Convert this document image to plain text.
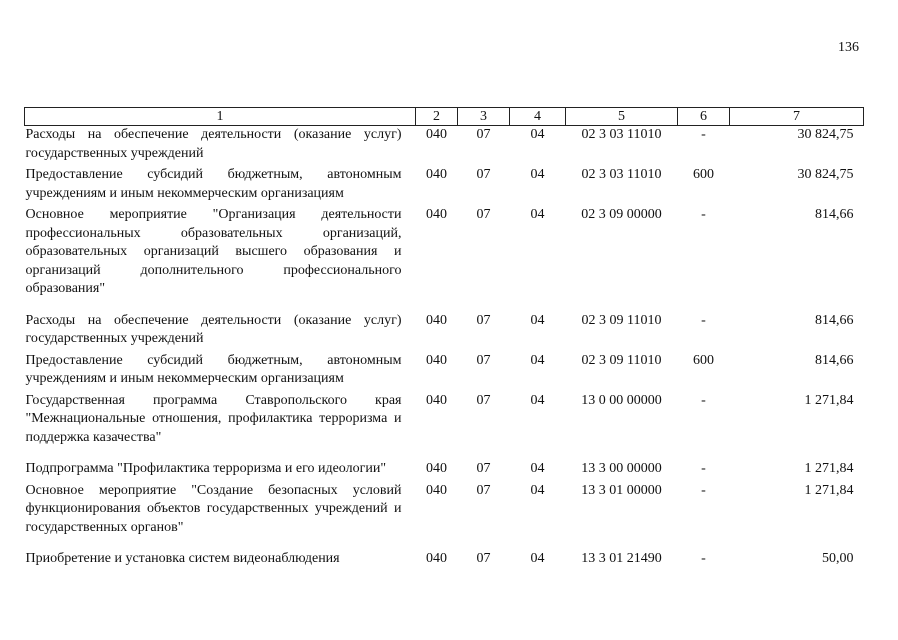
136
1	2	3	4	5	6	7
Расходы на обеспечение деятельности (оказание услуг) государственных учреждений	040	07	04	02 3 03 11010	-	30 824,75
Предоставление субсидий бюджетным, автономным учреждениям и иным некоммерческим организациям	040	07	04	02 3 03 11010	600	30 824,75
Основное мероприятие "Организация деятельности профессиональных образовательных организаций, образовательных организаций высшего образования и организаций дополнительного профессионального образования"	040	07	04	02 3 09 00000	-	814,66
Расходы на обеспечение деятельности (оказание услуг) государственных учреждений	040	07	04	02 3 09 11010	-	814,66
Предоставление субсидий бюджетным, автономным учреждениям и иным некоммерческим организациям	040	07	04	02 3 09 11010	600	814,66
Государственная программа Ставропольского края "Межнациональные отношения, профилактика терроризма и поддержка казачества"	040	07	04	13 0 00 00000	-	1 271,84
Подпрограмма "Профилактика терроризма и его идеологии"	040	07	04	13 3 00 00000	-	1 271,84
Основное мероприятие "Создание безопасных условий функционирования объектов государственных учреждений и государственных органов"	040	07	04	13 3 01 00000	-	1 271,84
Приобретение и установка систем видеонаблюдения	040	07	04	13 3 01 21490	-	50,00
